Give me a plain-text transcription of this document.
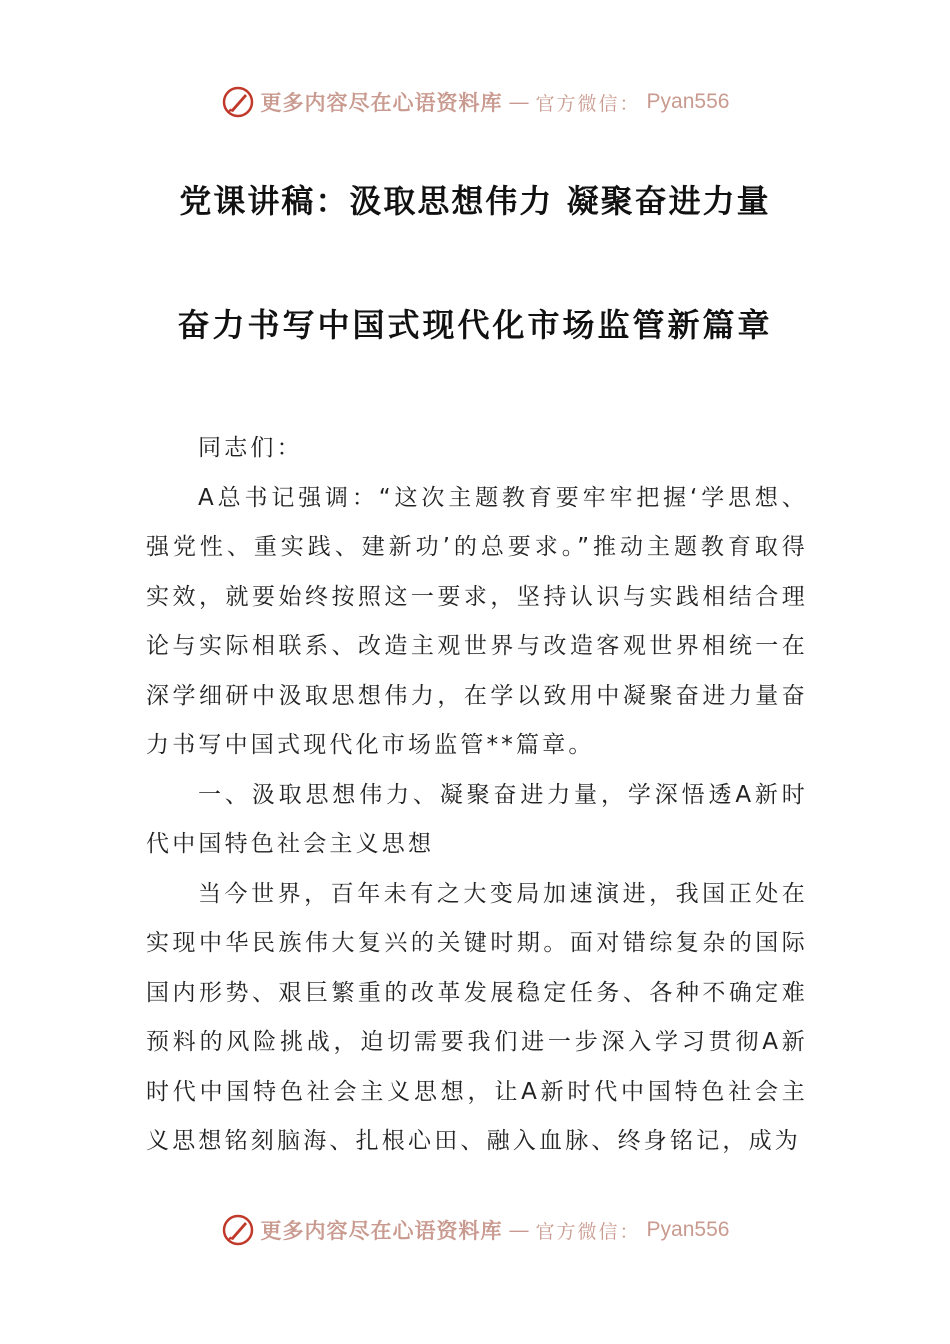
更多内容尽在心语资料库 — 官方微信： Pyan556
党课讲稿：汲取思想伟力 凝聚奋进力量
奋力书写中国式现代化市场监管新篇章

同志们：

A总书记强调：“这次主题教育要牢牢把握‘学思想、强党性、重实践、建新功’的总要求。”推动主题教育取得实效，就要始终按照这一要求，坚持认识与实践相结合理论与实际相联系、改造主观世界与改造客观世界相统一在深学细研中汲取思想伟力，在学以致用中凝聚奋进力量奋力书写中国式现代化市场监管**篇章。

一、汲取思想伟力、凝聚奋进力量，学深悟透A新时代中国特色社会主义思想

当今世界，百年未有之大变局加速演进，我国正处在实现中华民族伟大复兴的关键时期。面对错综复杂的国际国内形势、艰巨繁重的改革发展稳定任务、各种不确定难预料的风险挑战，迫切需要我们进一步深入学习贯彻A新时代中国特色社会主义思想，让A新时代中国特色社会主义思想铭刻脑海、扎根心田、融入血脉、终身铭记，成为

更多内容尽在心语资料库 — 官方微信： Pyan556
